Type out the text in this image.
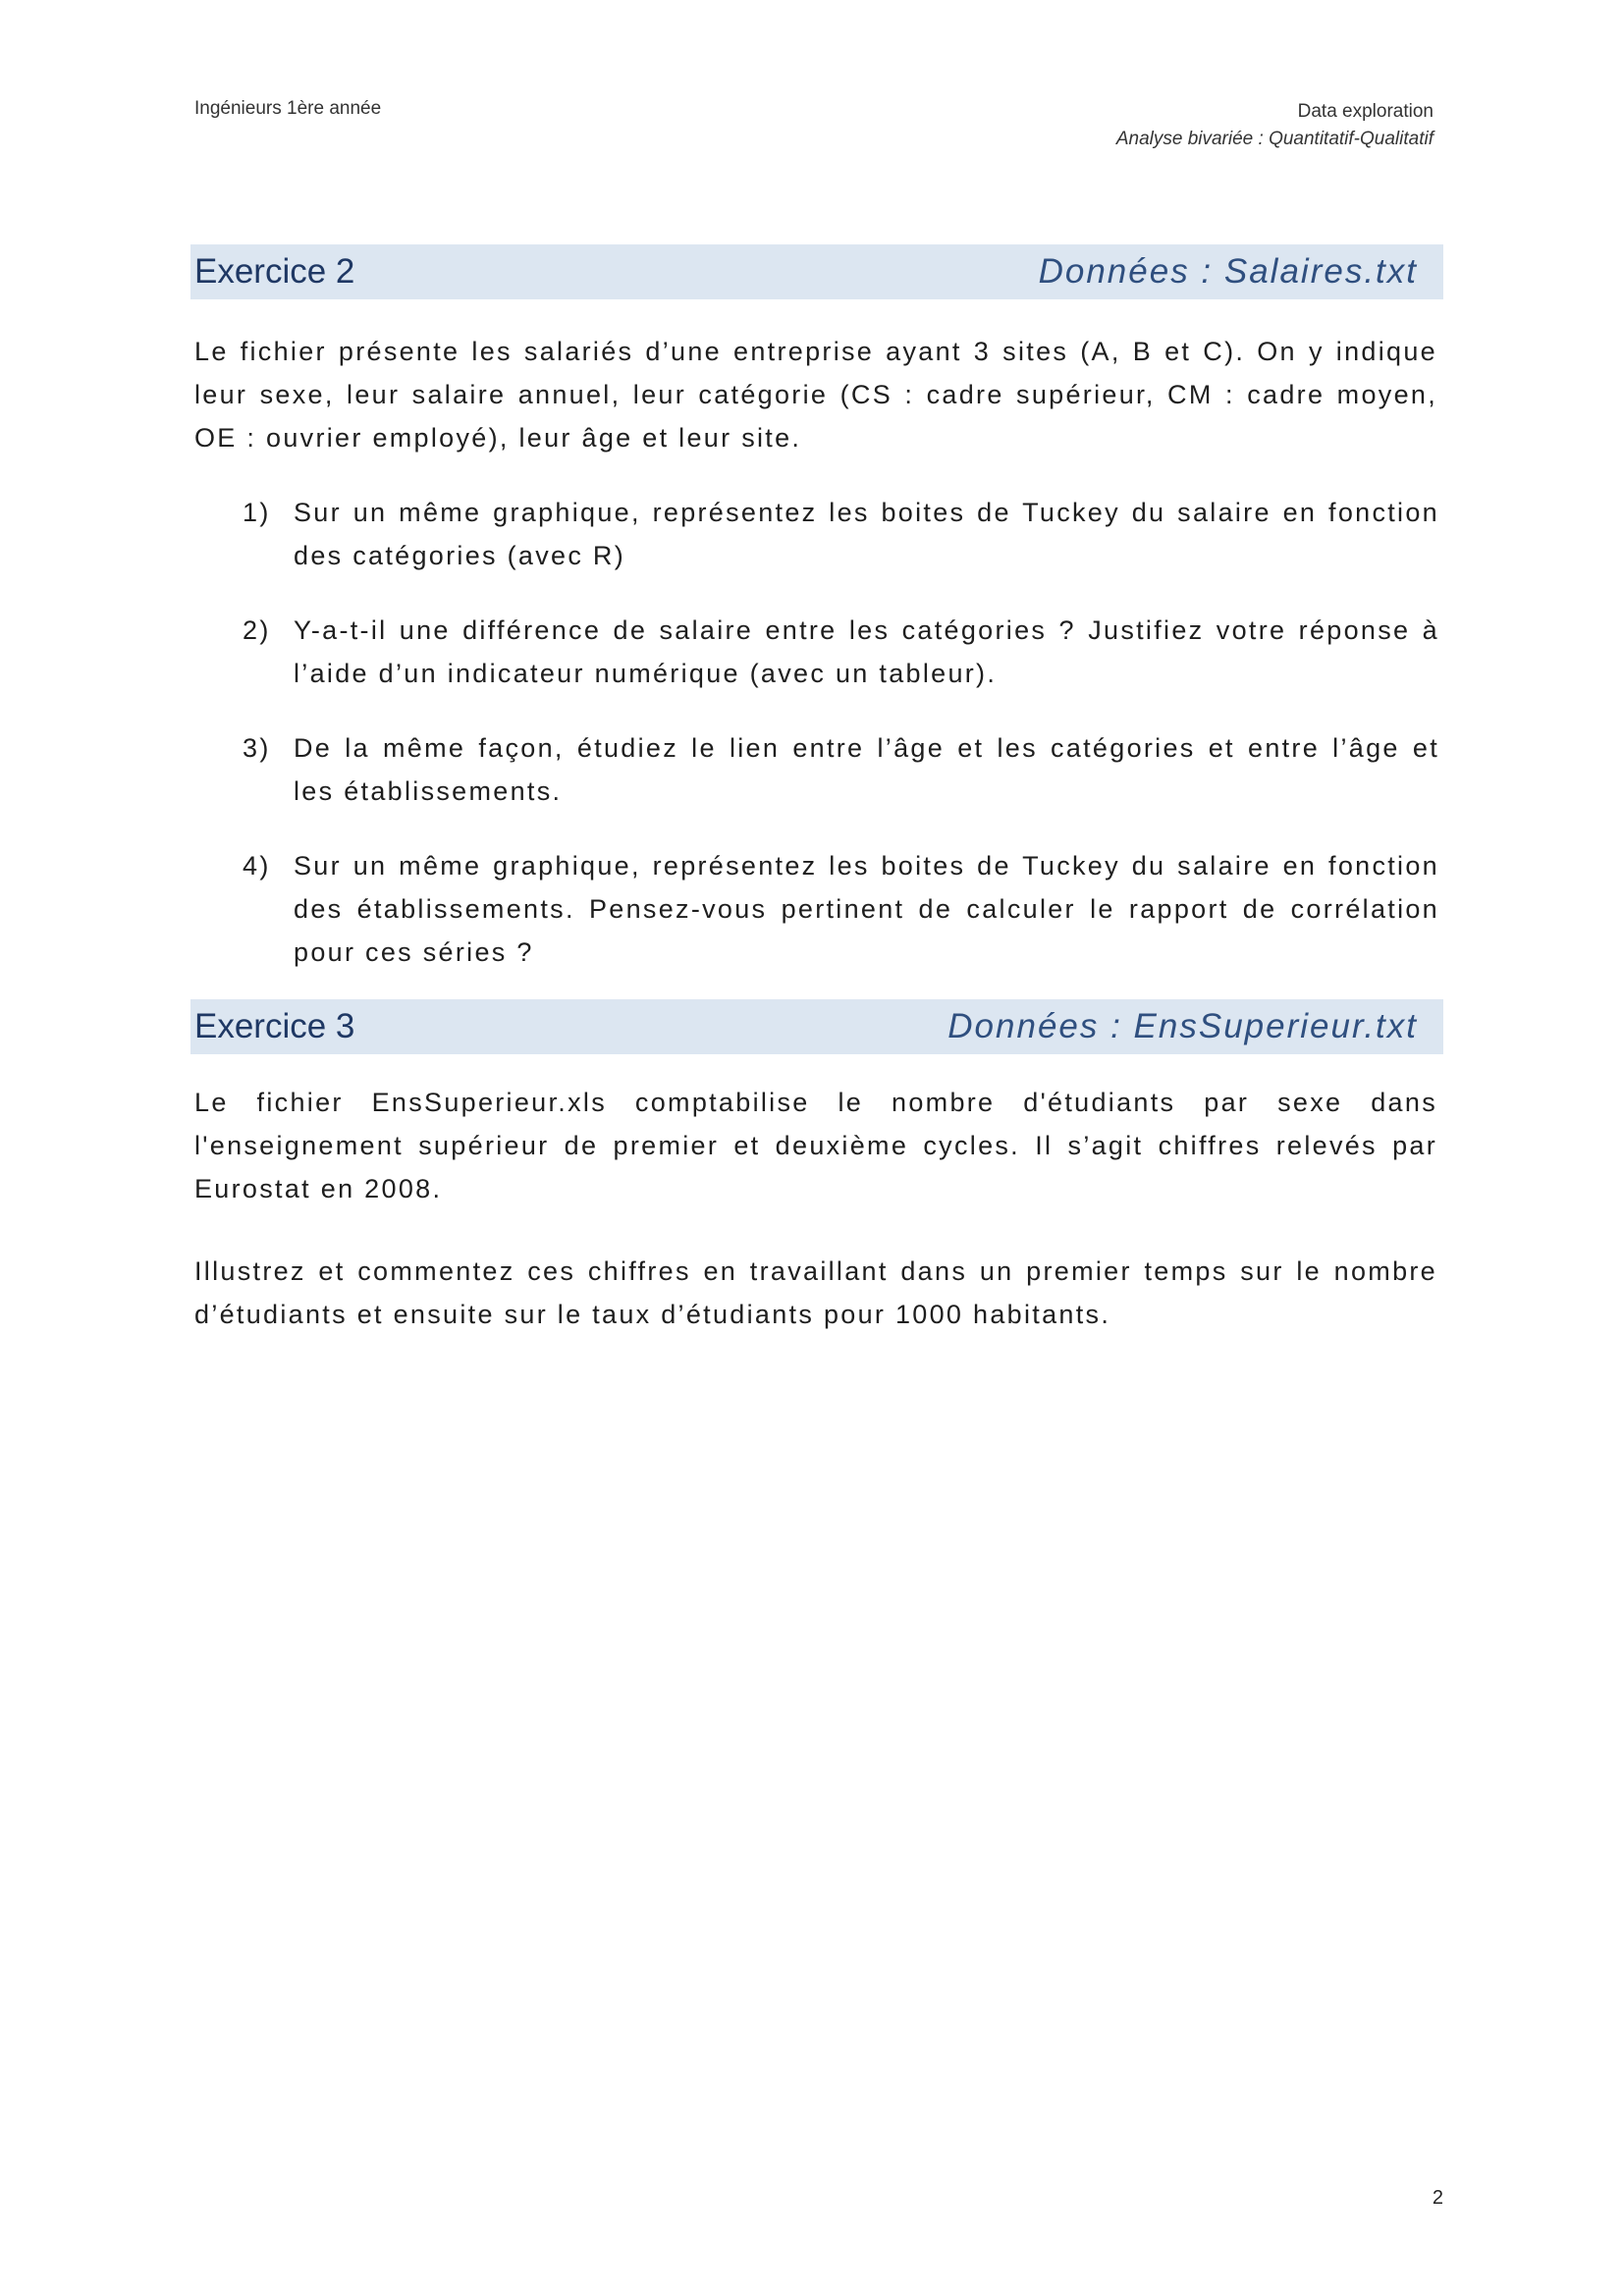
Ingénieurs 1ère année	Data exploration
Analyse bivariée : Quantitatif-Qualitatif
Exercice 2	Données : Salaires.txt
Le fichier présente les salariés d’une entreprise ayant 3 sites (A, B et C). On y indique leur sexe, leur salaire annuel, leur catégorie (CS : cadre supérieur, CM : cadre moyen, OE : ouvrier employé), leur âge et leur site.
1) Sur un même graphique, représentez les boites de Tuckey du salaire en fonction des catégories (avec R)
2) Y-a-t-il une différence de salaire entre les catégories ? Justifiez votre réponse à l’aide d’un indicateur numérique (avec un tableur).
3) De la même façon, étudiez le lien entre l’âge et les catégories et entre l’âge et les établissements.
4) Sur un même graphique, représentez les boites de Tuckey du salaire en fonction des établissements. Pensez-vous pertinent de calculer le rapport de corrélation pour ces séries ?
Exercice 3	Données : EnsSuperieur.txt
Le fichier EnsSuperieur.xls comptabilise le nombre d'étudiants par sexe dans l'enseignement supérieur de premier et deuxième cycles. Il s’agit chiffres relevés par Eurostat en 2008.
Illustrez et commentez ces chiffres en travaillant dans un premier temps sur le nombre d’étudiants et ensuite sur le taux d’étudiants pour 1000 habitants.
2
